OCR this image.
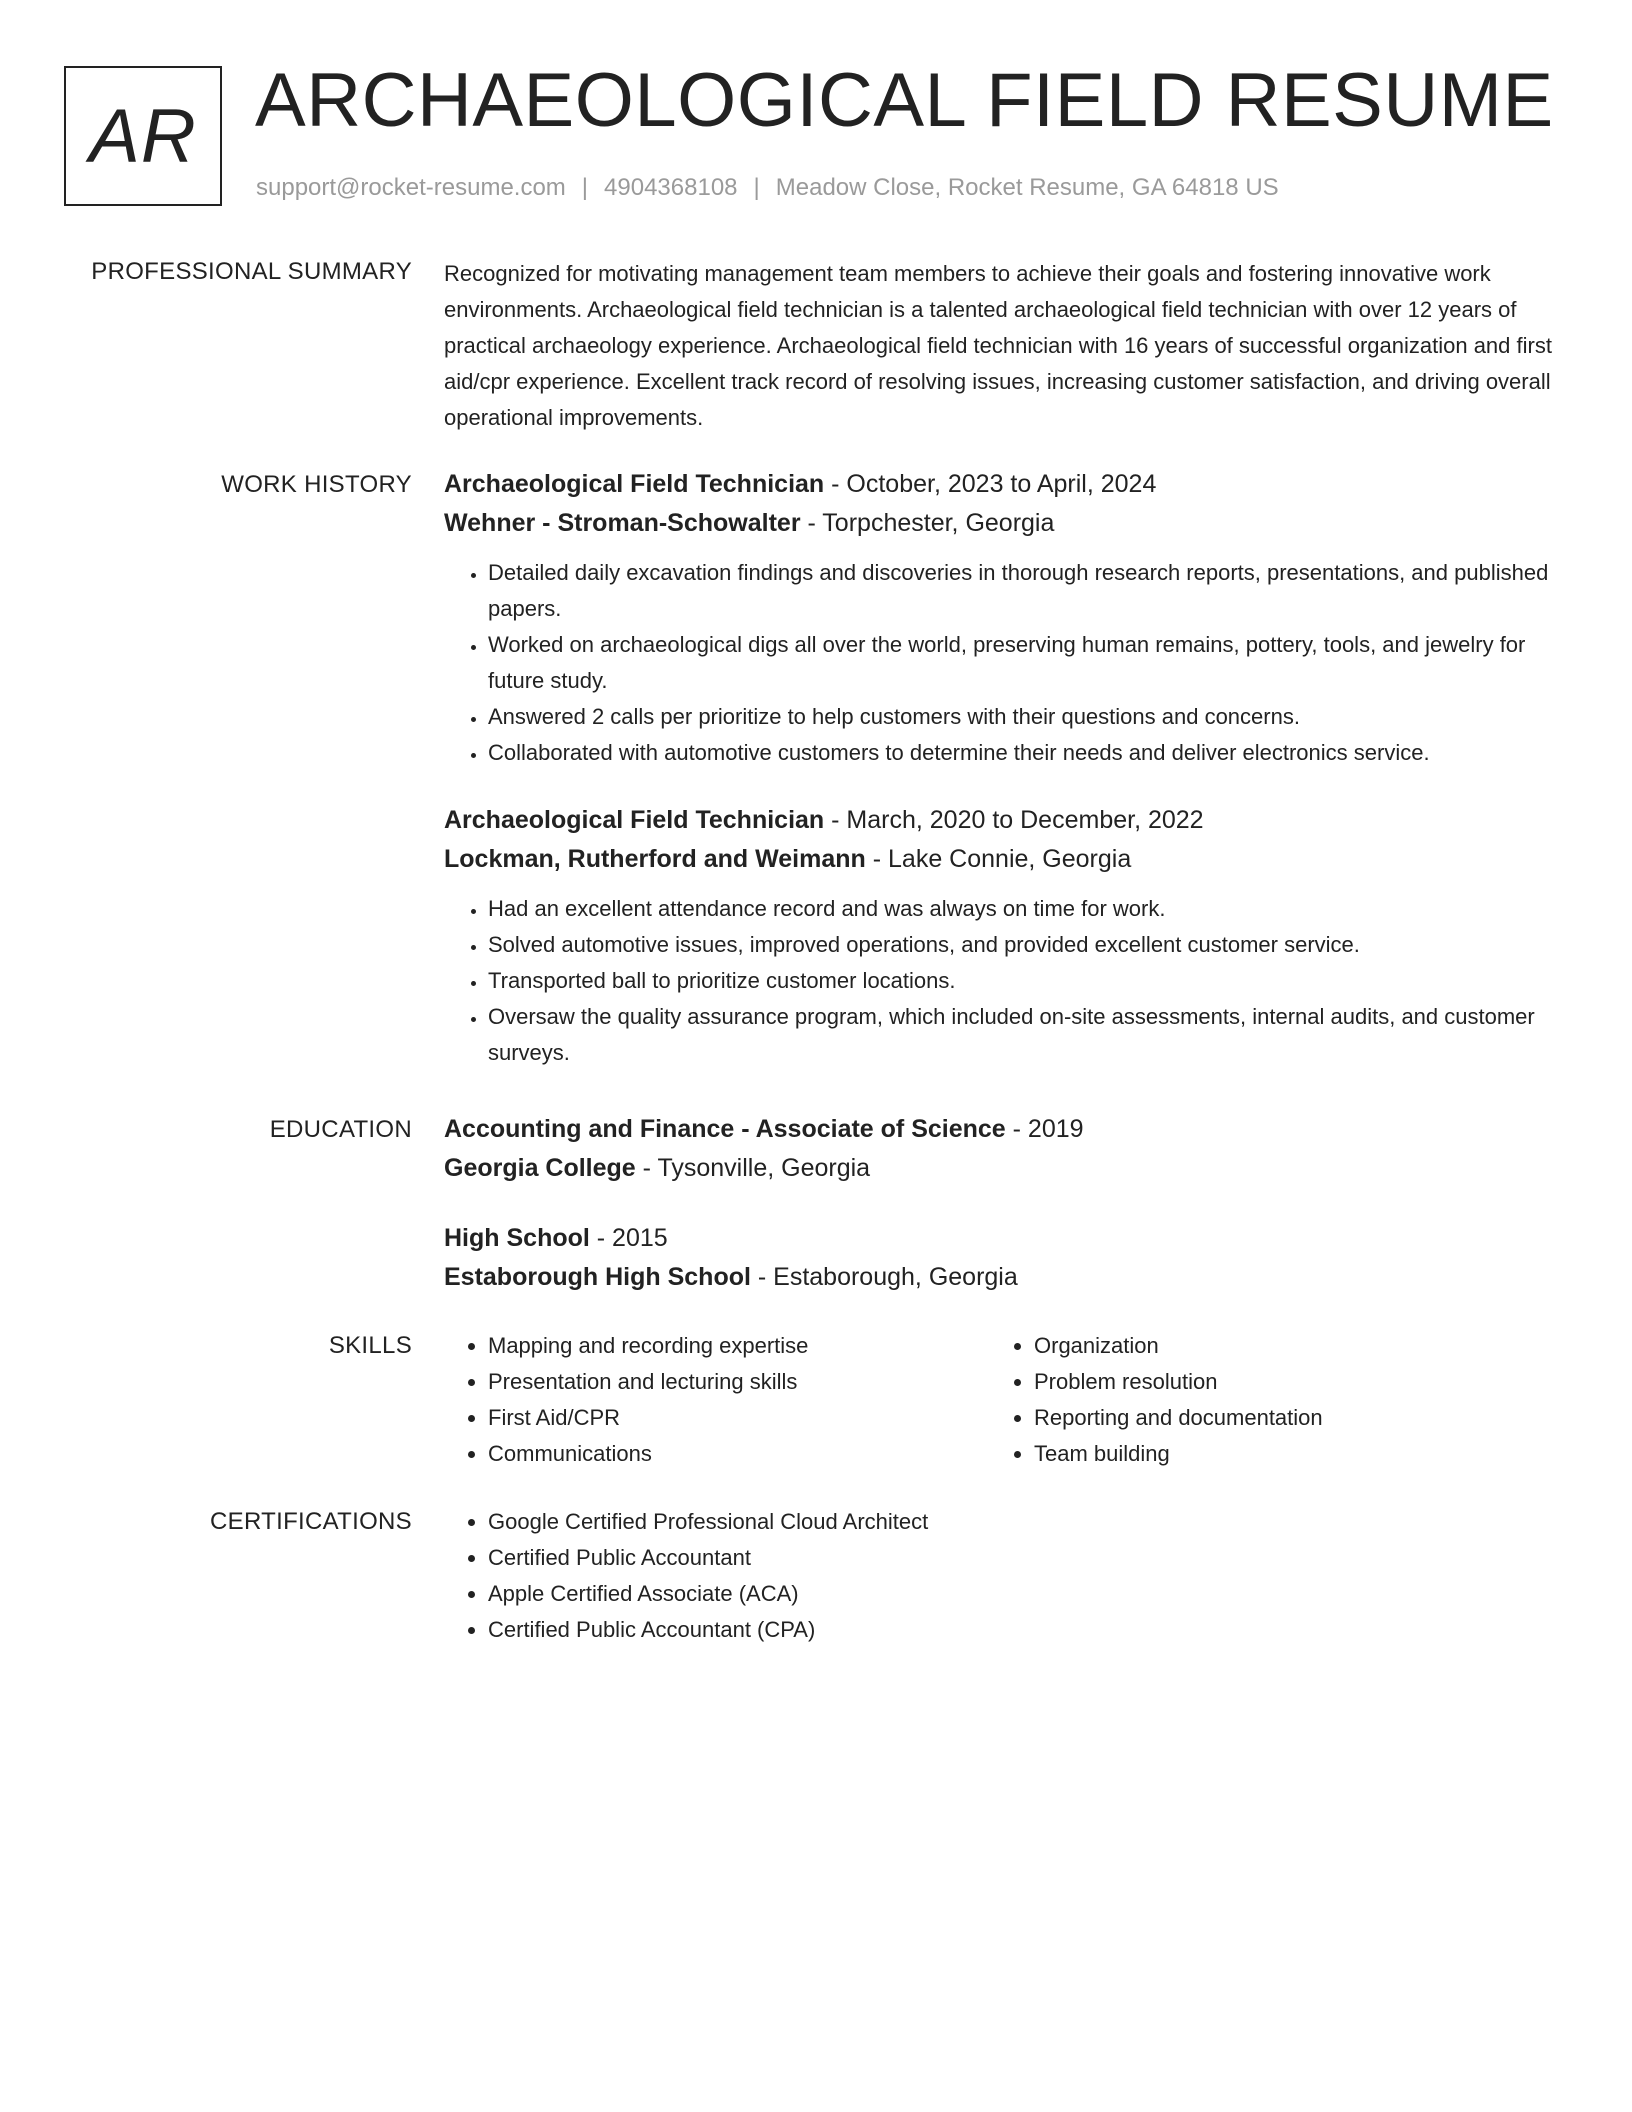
AR ARCHAEOLOGICAL FIELD RESUME
support@rocket-resume.com | 4904368108 | Meadow Close, Rocket Resume, GA 64818 US
PROFESSIONAL SUMMARY Recognized for motivating management team members to achieve their goals and fostering innovative work environments. Archaeological field technician is a talented archaeological field technician with over 12 years of practical archaeology experience. Archaeological field technician with 16 years of successful organization and first aid/cpr experience. Excellent track record of resolving issues, increasing customer satisfaction, and driving overall operational improvements.

WORK HISTORY Archaeological Field Technician - October, 2023 to April, 2024
Wehner - Stroman-Schowalter - Torpchester, Georgia
• Detailed daily excavation findings and discoveries in thorough research reports, presentations, and published papers.
• Worked on archaeological digs all over the world, preserving human remains, pottery, tools, and jewelry for future study.
• Answered 2 calls per prioritize to help customers with their questions and concerns.
• Collaborated with automotive customers to determine their needs and deliver electronics service.
Archaeological Field Technician - March, 2020 to December, 2022
Lockman, Rutherford and Weimann - Lake Connie, Georgia
• Had an excellent attendance record and was always on time for work.
• Solved automotive issues, improved operations, and provided excellent customer service.
• Transported ball to prioritize customer locations.
• Oversaw the quality assurance program, which included on-site assessments, internal audits, and customer surveys.
EDUCATION Accounting and Finance - Associate of Science - 2019
Georgia College - Tysonville, Georgia
High School - 2015
Estaborough High School - Estaborough, Georgia
SKILLS	• Mapping and recording expertise
• Presentation and lecturing skills
• First Aid/CPR
• Communications
• Organization
• Problem resolution
• Reporting and documentation
• Team building
CERTIFICATIONS	• Google Certified Professional Cloud Architect
• Certified Public Accountant
• Apple Certified Associate (ACA)
• Certified Public Accountant (CPA)
